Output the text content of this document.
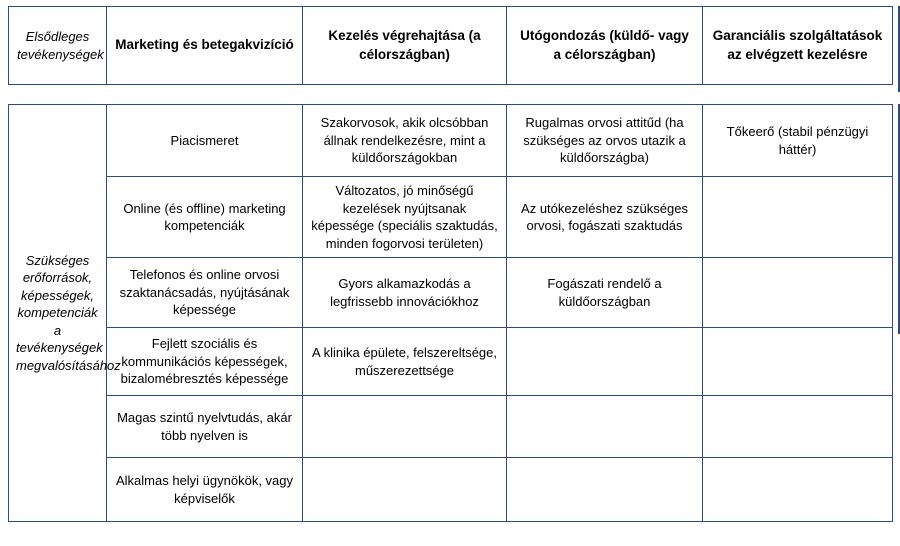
Elsődleges tevékenységek	Marketing és betegakvizíció	Kezelés végrehajtása (a célországban)	Utógondozás (küldő- vagy a célországban)	Garanciális szolgáltatások az elvégzett kezelésre
Szükséges erőforrások, képességek, kompetenciák a tevékenységek megvalósításához	Piacismeret	Szakorvosok, akik olcsóbban állnak rendelkezésre, mint a küldőországokban	Rugalmas orvosi attitűd (ha szükséges az orvos utazik a küldőországba)	Tőkeerő (stabil pénzügyi háttér)
	Online (és offline) marketing kompetenciák	Változatos, jó minőségű kezelések nyújtsanak képessége (speciális szaktudás, minden fogorvosi területen)	Az utókezeléshez szükséges orvosi, fogászati szaktudás	
	Telefonos és online orvosi szaktanácsadás, nyújtásának képessége	Gyors alkamazkodás a legfrissebb innovációkhoz	Fogászati rendelő a küldőországban	
	Fejlett szociális és kommunikációs képességek, bizalomébresztés képessége	A klinika épülete, felszereltsége, műszerezettsége		
	Magas szintű nyelvtudás, akár több nyelven is			
	Alkalmas helyi ügynökök, vagy képviselők			
